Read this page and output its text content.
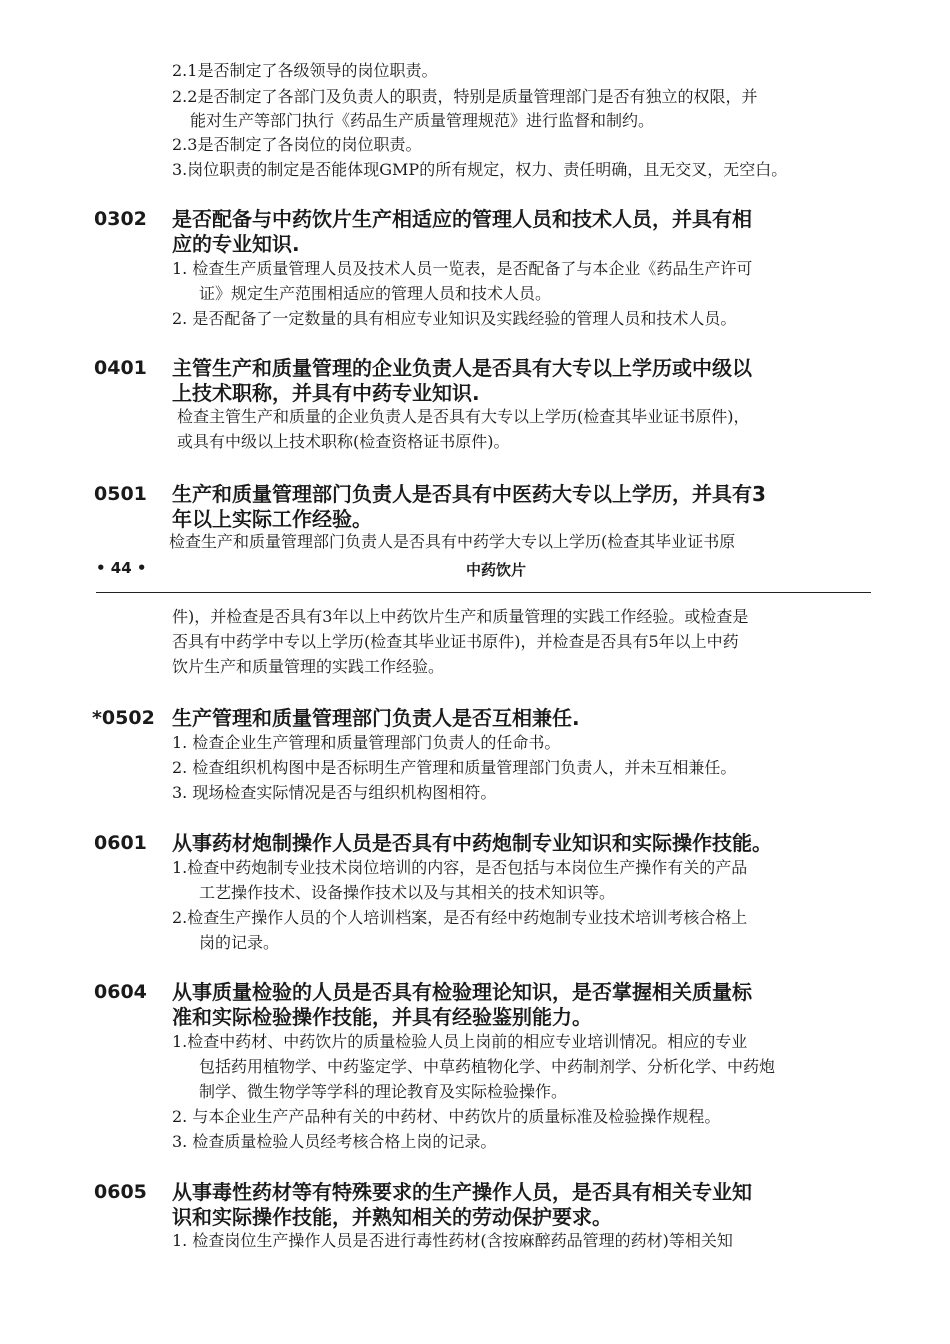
2.1是否制定了各级领导的岗位职责。
2.2是否制定了各部门及负责人的职责，特别是质量管理部门是否有独立的权限，并
能对生产等部门执行《药品生产质量管理规范》进行监督和制约。
2.3是否制定了各岗位的岗位职责。
3.岗位职责的制定是否能体现GMP的所有规定，权力、责任明确，且无交叉，无空白。
0302 是否配备与中药饮片生产相适应的管理人员和技术人员，并具有相
应的专业知识.
1. 检查生产质量管理人员及技术人员一览表，是否配备了与本企业《药品生产许可
证》规定生产范围相适应的管理人员和技术人员。
2. 是否配备了一定数量的具有相应专业知识及实践经验的管理人员和技术人员。
0401 主管生产和质量管理的企业负责人是否具有大专以上学历或中级以
上技术职称，并具有中药专业知识.
检查主管生产和质量的企业负责人是否具有大专以上学历(检查其毕业证书原件)，
或具有中级以上技术职称(检查资格证书原件)。
0501 生产和质量管理部门负责人是否具有中医药大专以上学历，并具有3
年以上实际工作经验。
检查生产和质量管理部门负责人是否具有中药学大专以上学历(检查其毕业证书原
• 44 •	中药饮片
件)，并检查是否具有3年以上中药饮片生产和质量管理的实践工作经验。或检查是
否具有中药学中专以上学历(检查其毕业证书原件)，并检查是否具有5年以上中药
饮片生产和质量管理的实践工作经验。
*0502 生产管理和质量管理部门负责人是否互相兼任.
1. 检查企业生产管理和质量管理部门负责人的任命书。
2. 检查组织机构图中是否标明生产管理和质量管理部门负责人，并未互相兼任。
3. 现场检查实际情况是否与组织机构图相符。
0601 从事药材炮制操作人员是否具有中药炮制专业知识和实际操作技能。
1.检查中药炮制专业技术岗位培训的内容，是否包括与本岗位生产操作有关的产品
工艺操作技术、设备操作技术以及与其相关的技术知识等。
2.检查生产操作人员的个人培训档案，是否有经中药炮制专业技术培训考核合格上
岗的记录。
0604 从事质量检验的人员是否具有检验理论知识，是否掌握相关质量标
准和实际检验操作技能，并具有经验鉴别能力。
1.检查中药材、中药饮片的质量检验人员上岗前的相应专业培训情况。相应的专业
包括药用植物学、中药鉴定学、中草药植物化学、中药制剂学、分析化学、中药炮
制学、微生物学等学科的理论教育及实际检验操作。
2. 与本企业生产产品种有关的中药材、中药饮片的质量标准及检验操作规程。
3. 检查质量检验人员经考核合格上岗的记录。
0605 从事毒性药材等有特殊要求的生产操作人员，是否具有相关专业知
识和实际操作技能，并熟知相关的劳动保护要求。
1. 检查岗位生产操作人员是否进行毒性药材(含按麻醉药品管理的药材)等相关知
